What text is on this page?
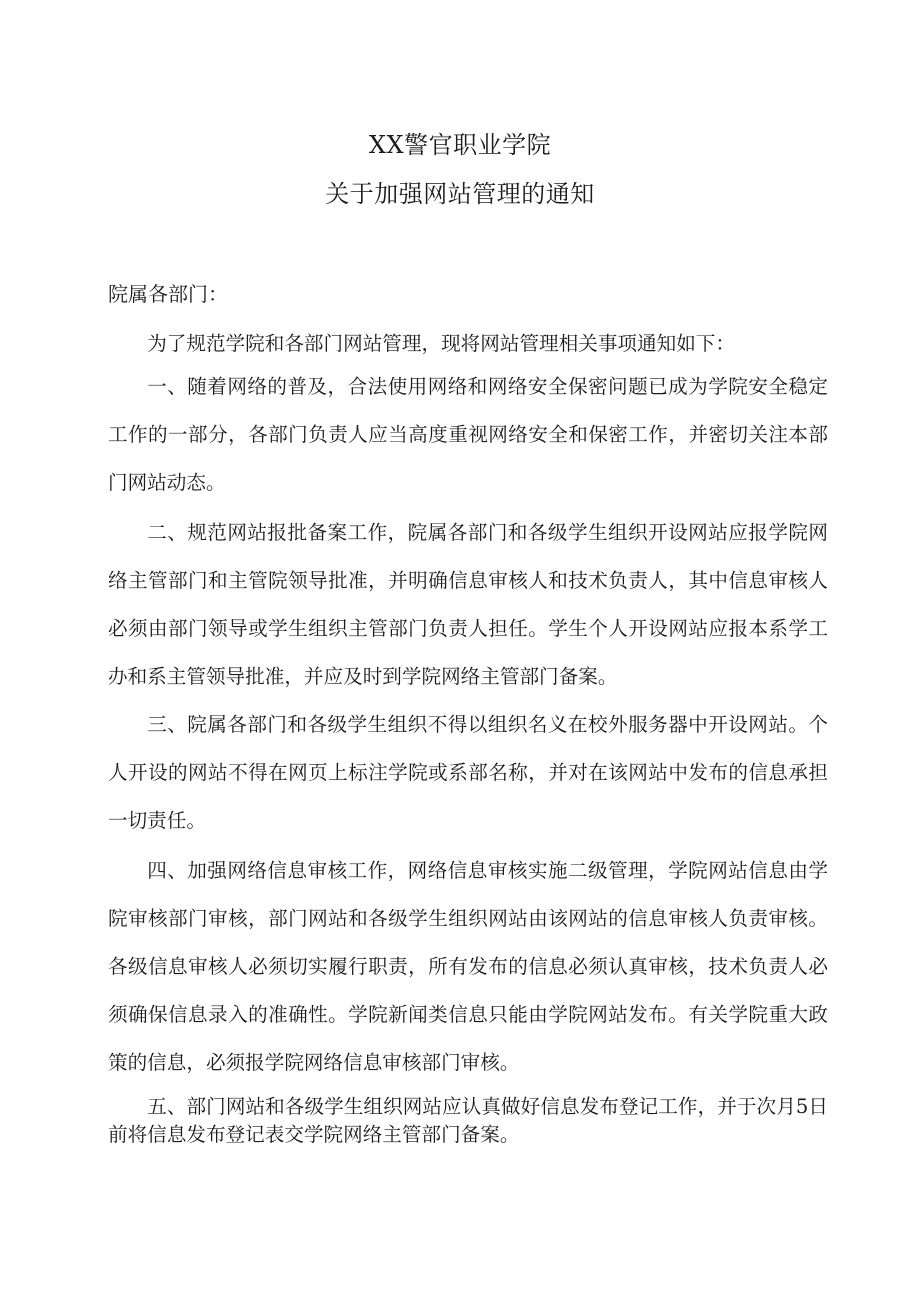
XX警官职业学院
关于加强网站管理的通知
院属各部门：

为了规范学院和各部门网站管理，现将网站管理相关事项通知如下：

一、随着网络的普及，合法使用网络和网络安全保密问题已成为学院安全稳定工作的一部分，各部门负责人应当高度重视网络安全和保密工作，并密切关注本部门网站动态。

二、规范网站报批备案工作，院属各部门和各级学生组织开设网站应报学院网络主管部门和主管院领导批准，并明确信息审核人和技术负责人，其中信息审核人必须由部门领导或学生组织主管部门负责人担任。学生个人开设网站应报本系学工办和系主管领导批准，并应及时到学院网络主管部门备案。

三、院属各部门和各级学生组织不得以组织名义在校外服务器中开设网站。个人开设的网站不得在网页上标注学院或系部名称，并对在该网站中发布的信息承担一切责任。

四、加强网络信息审核工作，网络信息审核实施二级管理，学院网站信息由学院审核部门审核，部门网站和各级学生组织网站由该网站的信息审核人负责审核。各级信息审核人必须切实履行职责，所有发布的信息必须认真审核，技术负责人必须确保信息录入的准确性。学院新闻类信息只能由学院网站发布。有关学院重大政策的信息，必须报学院网络信息审核部门审核。

五、部门网站和各级学生组织网站应认真做好信息发布登记工作，并于次月5日前将信息发布登记表交学院网络主管部门备案。
